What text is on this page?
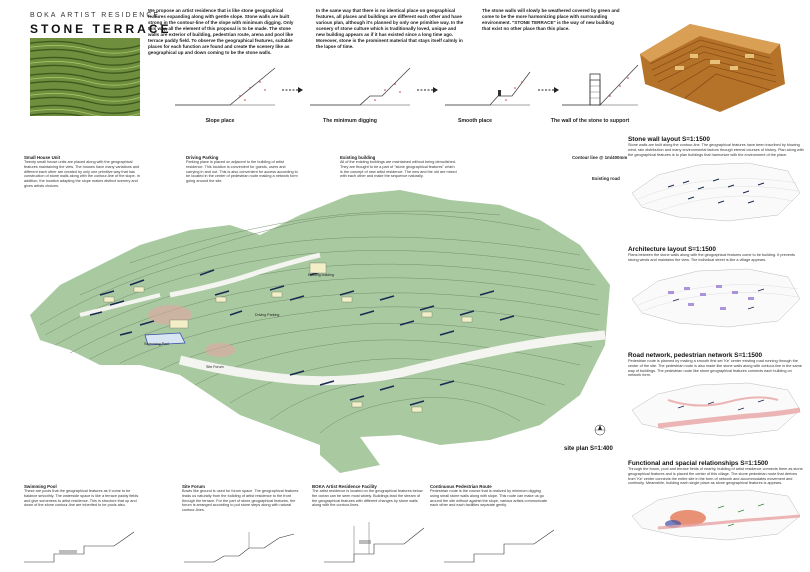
BOKA ARTIST RESIDENCE
STONE TERRACE
We propose an artist residence that is like stone geographical features expanding along with gentle slope. Stone walls are built strong in the contour-line of the slope with minimum digging. Only this way, all the element of this proposal is to be made. The stone walls are exterior of building, pedestrian route, arena and pool like terrace paddy field. To observe the geographical features, suitable places for each function are found and create the scenery like as geographical up and down coming to be the stone walls.
In the same way that there is no identical place on geographical features, all places and buildings are different each other and have various plan, although it's planned by only one primitive way. In the scenery of stone culture which is traditionally loved, unique and new building appears as if it has existed since a long time ago. Moreover, stone is the prominent material that stays itself calmly in the lapse of time.
The stone walls will slowly be weathered covered by green and come to be the more harmonizing place with surrounding environment. "STONE TERRACE" is the way of new building that exist no other place than this place.
Slope place	The minimum digging	Smooth place	The wall of the stone to support
Small House Unit
Twenty small house units are placed along with the geographical features maintaining the view. The houses have many variations and different each other are created by only one primitive way that has construction of stone walls along with the contour-line of the slope. In addition, the location adapting the slope makes distinct scenery and gives artists choices.
Driving Parking
Parking place is placed on adjacent to the building of artist residence. This location is convenient for guests, users and carrying in and out. This is also convenient for access according to be located in the center of pedestrian route making a network form going around the site.
Existing building
All of the existing buildings are maintained without being demolished. They are thought to be a part of "stone geographical features" which is the concept of new artist residence. The new and the old are mixed with each other and make the sequence naturally.
Contour line @ 1m/400mm
Existing road
Existing building
Driving Parking
Swimming Pool
Site Forum
site plan S=1:400
Swimming Pool
These are pools that the geographical features as if come to be balance smoothly. The waterside space is like a terrace paddy fields and give someness to artist residence. This is structure that up and down of the stone contour-line are inherited to be pools also.
Site Forum
Bowls like ground is used for forum space. The geographical features leads us naturally from the building of artist residence to the front through the terrace. For the part of stone geographical features, the forum is arranged according to put stone steps along with natural contour-lines.
BOKA Artist Residence Facility
The artist residence is located on the geographical features below the ocean can be seen most widely. Buildings lead the stream of the geographical features with different changes by stone walls along with the contour-lines.
Continuous Pedestrian Route
Pedestrian route is the course that is realized by minimum digging using small stone walls along with slope. This route can make us go around the site without against the slope, various artists communicate each other and each facilities separate gently.
Stone wall layout S=1:1500
Stone walls are built along the contour-line. The geographical features have been inscribed by blowing wind, rain distribution and many environmental factors through eternal courses of history. Plan along with the geographical features is to plan buildings that harmonize with the environment of the place.
Architecture layout S=1:1500
Plans between the stone walls along with the geographical features come to be building. It prevents strong winds and maintains the view. The individual street is like a village appears.
Road network, pedestrian network S=1:1500
Pedestrian route is planned by making a smooth first set 'Ke' center existing road running through the center of the site. The pedestrian route is also made like stone walls along with contour-line in the same way of buildings. The pedestrian route like stone geographical features connects each building on network form.
Functional and spacial relationships S=1:1500
Through the forum, pool and terrace fields of nearby, building of artist residence connects them as stone geographical features and is placed the center of this village. The stone pedestrian route that derives from 'Ke' center connects the entire site in the form of network and accommodates movement and continuity. Meanwhile, building each single place as stone geographical features is appears.
